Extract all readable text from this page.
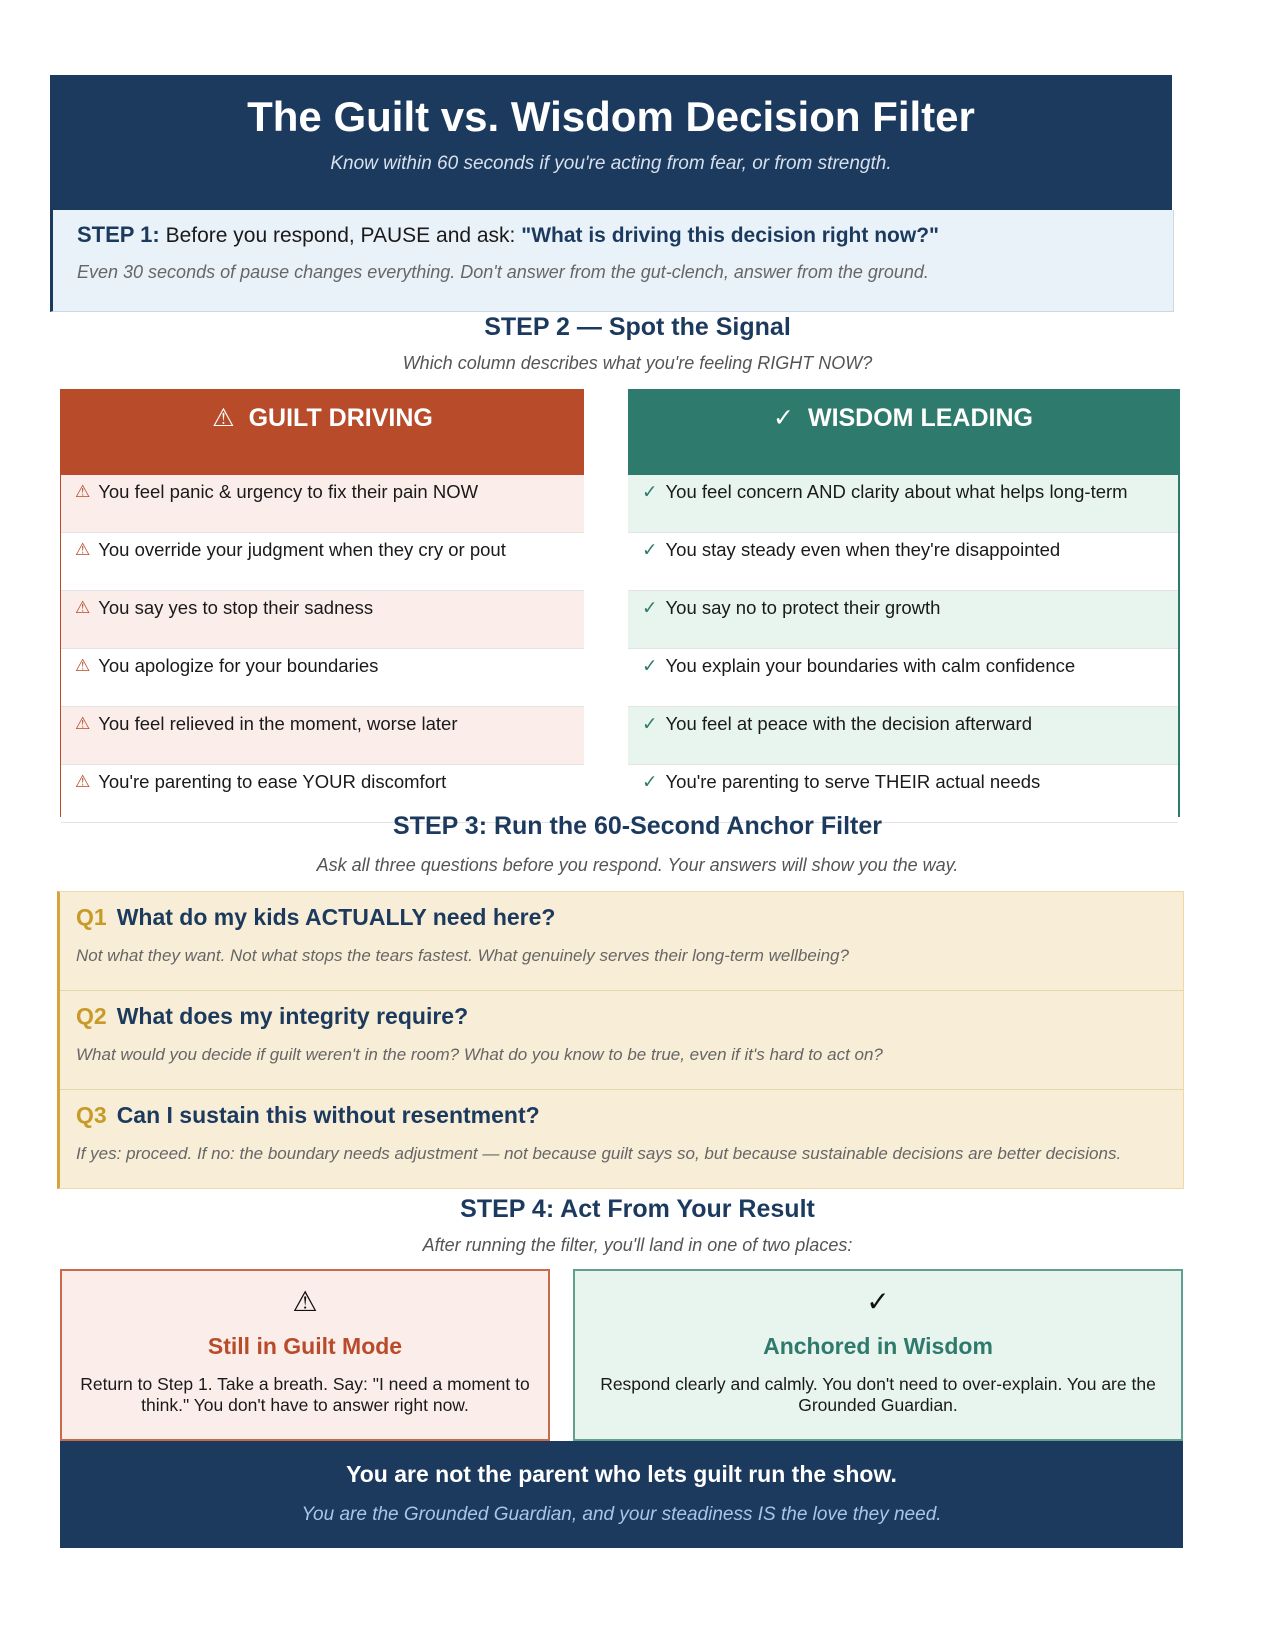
The Guilt vs. Wisdom Decision Filter
Know within 60 seconds if you're acting from fear, or from strength.
STEP 1: Before you respond, PAUSE and ask: "What is driving this decision right now?"
Even 30 seconds of pause changes everything. Don't answer from the gut-clench, answer from the ground.
STEP 2 — Spot the Signal
Which column describes what you're feeling RIGHT NOW?
⚠ GUILT DRIVING
⚠ You feel panic & urgency to fix their pain NOW
⚠ You override your judgment when they cry or pout
⚠ You say yes to stop their sadness
⚠ You apologize for your boundaries
⚠ You feel relieved in the moment, worse later
⚠ You're parenting to ease YOUR discomfort
✓ WISDOM LEADING
✓ You feel concern AND clarity about what helps long-term
✓ You stay steady even when they're disappointed
✓ You say no to protect their growth
✓ You explain your boundaries with calm confidence
✓ You feel at peace with the decision afterward
✓ You're parenting to serve THEIR actual needs
STEP 3: Run the 60-Second Anchor Filter
Ask all three questions before you respond. Your answers will show you the way.
Q1 What do my kids ACTUALLY need here?
Not what they want. Not what stops the tears fastest. What genuinely serves their long-term wellbeing?
Q2 What does my integrity require?
What would you decide if guilt weren't in the room? What do you know to be true, even if it's hard to act on?
Q3 Can I sustain this without resentment?
If yes: proceed. If no: the boundary needs adjustment — not because guilt says so, but because sustainable decisions are better decisions.
STEP 4: Act From Your Result
After running the filter, you'll land in one of two places:
⚠
Still in Guilt Mode
Return to Step 1. Take a breath. Say: "I need a moment to think." You don't have to answer right now.
✓
Anchored in Wisdom
Respond clearly and calmly. You don't need to over-explain. You are the Grounded Guardian.
You are not the parent who lets guilt run the show.
You are the Grounded Guardian, and your steadiness IS the love they need.
